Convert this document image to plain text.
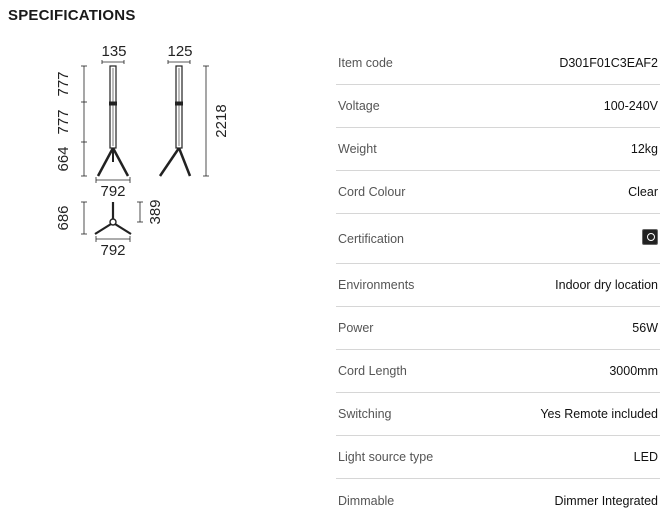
SPECIFICATIONS
135	125
777
777
664
2218
792
686	389
792
Item code	D301F01C3EAF2
Voltage	100-240V
Weight	12kg
Cord Colour	Clear
Certification
Environments	Indoor dry location
Power	56W
Cord Length	3000mm
Switching	Yes Remote included
Light source type	LED
Dimmable	Dimmer Integrated
